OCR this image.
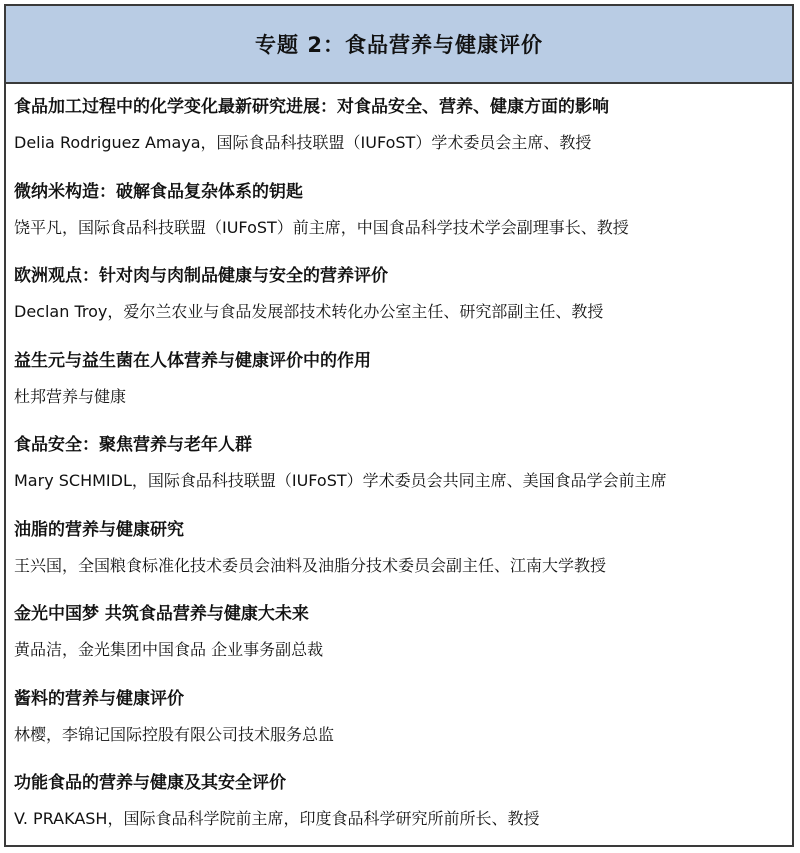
专题 2：食品营养与健康评价
食品加工过程中的化学变化最新研究进展：对食品安全、营养、健康方面的影响
Delia Rodriguez Amaya，国际食品科技联盟（IUFoST）学术委员会主席、教授
微纳米构造：破解食品复杂体系的钥匙
饶平凡，国际食品科技联盟（IUFoST）前主席，中国食品科学技术学会副理事长、教授
欧洲观点：针对肉与肉制品健康与安全的营养评价
Declan Troy，爱尔兰农业与食品发展部技术转化办公室主任、研究部副主任、教授
益生元与益生菌在人体营养与健康评价中的作用
杜邦营养与健康
食品安全：聚焦营养与老年人群
Mary SCHMIDL，国际食品科技联盟（IUFoST）学术委员会共同主席、美国食品学会前主席
油脂的营养与健康研究
王兴国，全国粮食标准化技术委员会油料及油脂分技术委员会副主任、江南大学教授
金光中国梦 共筑食品营养与健康大未来
黄品洁，金光集团中国食品 企业事务副总裁
酱料的营养与健康评价
林樱，李锦记国际控股有限公司技术服务总监
功能食品的营养与健康及其安全评价
V. PRAKASH，国际食品科学院前主席，印度食品科学研究所前所长、教授
